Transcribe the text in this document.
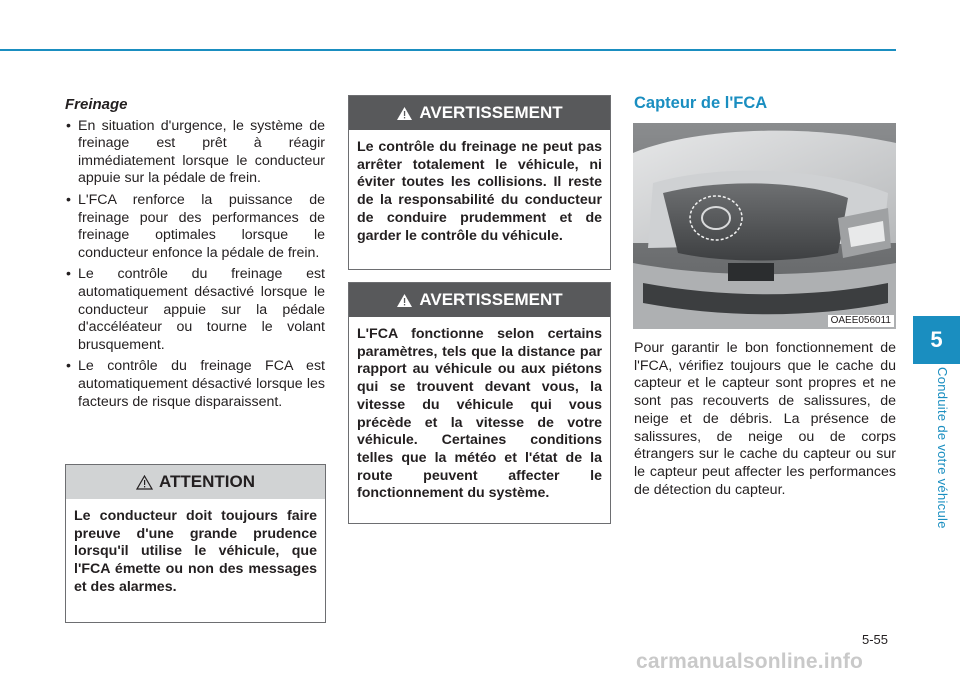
Freinage
• En situation d'urgence, le système de freinage est prêt à réagir immédiatement lorsque le conducteur appuie sur la pédale de frein.
• L'FCA renforce la puissance de freinage pour des performances de freinage optimales lorsque le conducteur enfonce la pédale de frein.
• Le contrôle du freinage est automatiquement désactivé lorsque le conducteur appuie sur la pédale d'accéléateur ou tourne le volant brusquement.
• Le contrôle du freinage FCA est automatiquement désactivé lorsque les facteurs de risque disparaissent.
ATTENTION
Le conducteur doit toujours faire preuve d'une grande prudence lorsqu'il utilise le véhicule, que l'FCA émette ou non des messages et des alarmes.
AVERTISSEMENT
Le contrôle du freinage ne peut pas arrêter totalement le véhicule, ni éviter toutes les collisions. Il reste de la responsabilité du conducteur de conduire prudemment et de garder le contrôle du véhicule.
AVERTISSEMENT
L'FCA fonctionne selon certains paramètres, tels que la distance par rapport au véhicule ou aux piétons qui se trouvent devant vous, la vitesse du véhicule qui vous précède et la vitesse de votre véhicule. Certaines conditions telles que la météo et l'état de la route peuvent affecter le fonctionnement du système.
Capteur de l'FCA
OAEE056011
Pour garantir le bon fonctionnement de l'FCA, vérifiez toujours que le cache du capteur et le capteur sont propres et ne sont pas recouverts de salissures, de neige et de débris. La présence de salissures, de neige ou de corps étrangers sur le cache du capteur ou sur le capteur peut affecter les performances de détection du capteur.
5
Conduite de votre véhicule
5-55
carmanualsonline.info
